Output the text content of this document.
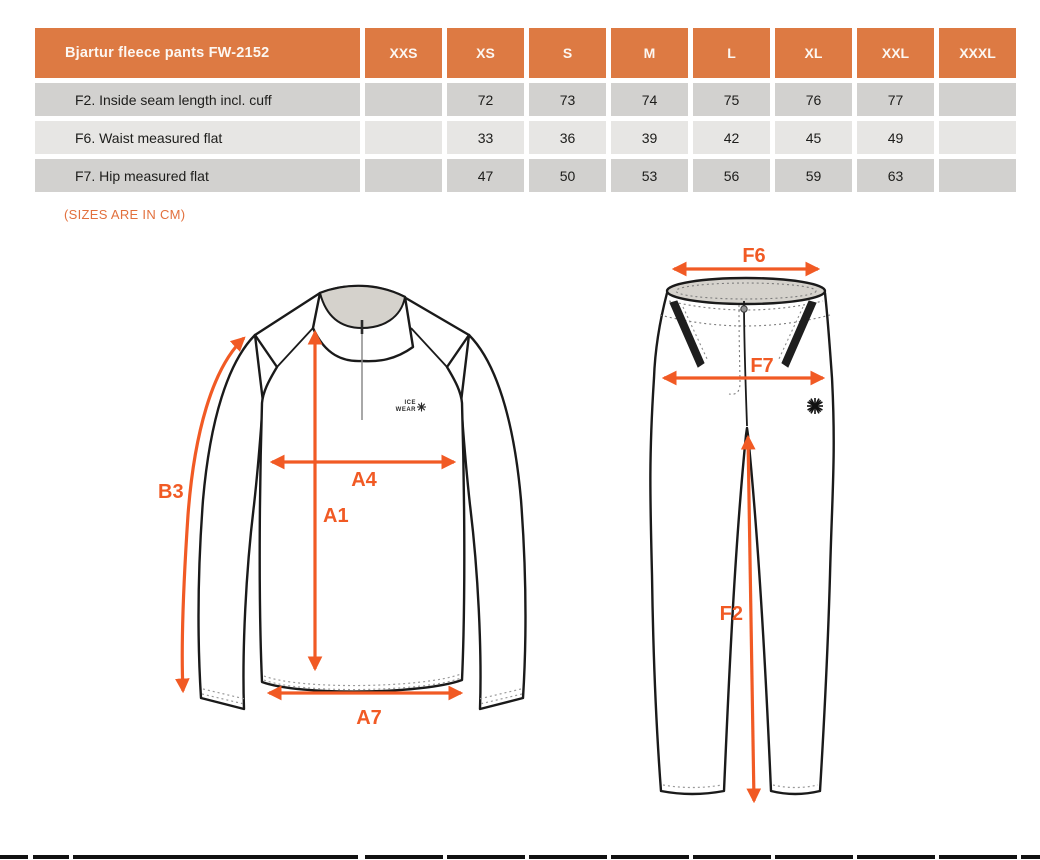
Bjartur fleece pants FW-2152	XXS	XS	S	M	L	XL	XXL	XXXL
F2. Inside seam length incl. cuff		72	73	74	75	76	77	
F6. Waist measured flat		33	36	39	42	45	49	
F7. Hip measured flat		47	50	53	56	59	63	
(SIZES ARE IN CM)
ICE
WEAR
B3
A4
A1
A7
F6
F7
F2
